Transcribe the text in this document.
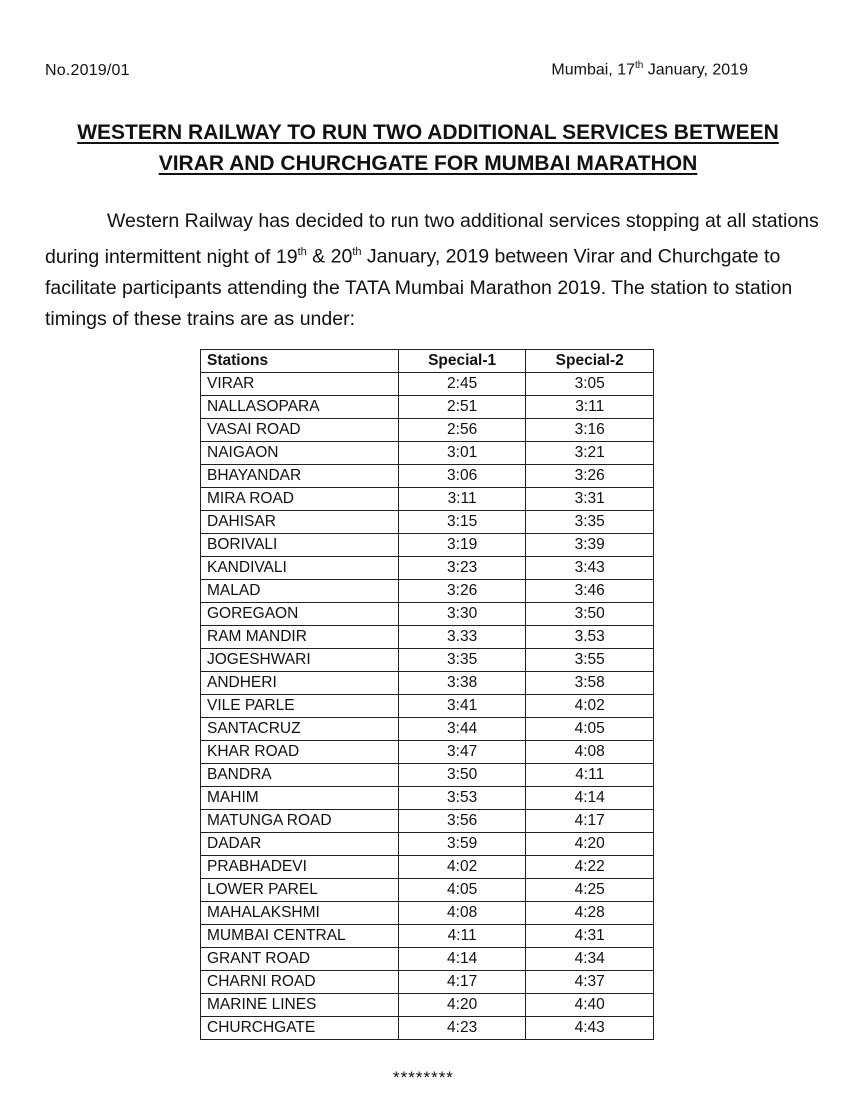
No.2019/01	Mumbai, 17th January, 2019
WESTERN RAILWAY TO RUN TWO ADDITIONAL SERVICES BETWEEN
VIRAR AND CHURCHGATE FOR MUMBAI MARATHON
Western Railway has decided to run two additional services stopping at all stations during intermittent night of 19th & 20th January, 2019 between Virar and Churchgate to facilitate participants attending the TATA Mumbai Marathon 2019. The station to station timings of these trains are as under:
Stations	Special-1	Special-2
VIRAR	2:45	3:05
NALLASOPARA	2:51	3:11
VASAI ROAD	2:56	3:16
NAIGAON	3:01	3:21
BHAYANDAR	3:06	3:26
MIRA ROAD	3:11	3:31
DAHISAR	3:15	3:35
BORIVALI	3:19	3:39
KANDIVALI	3:23	3:43
MALAD	3:26	3:46
GOREGAON	3:30	3:50
RAM MANDIR	3.33	3.53
JOGESHWARI	3:35	3:55
ANDHERI	3:38	3:58
VILE PARLE	3:41	4:02
SANTACRUZ	3:44	4:05
KHAR ROAD	3:47	4:08
BANDRA	3:50	4:11
MAHIM	3:53	4:14
MATUNGA ROAD	3:56	4:17
DADAR	3:59	4:20
PRABHADEVI	4:02	4:22
LOWER PAREL	4:05	4:25
MAHALAKSHMI	4:08	4:28
MUMBAI CENTRAL	4:11	4:31
GRANT ROAD	4:14	4:34
CHARNI ROAD	4:17	4:37
MARINE LINES	4:20	4:40
CHURCHGATE	4:23	4:43
********
